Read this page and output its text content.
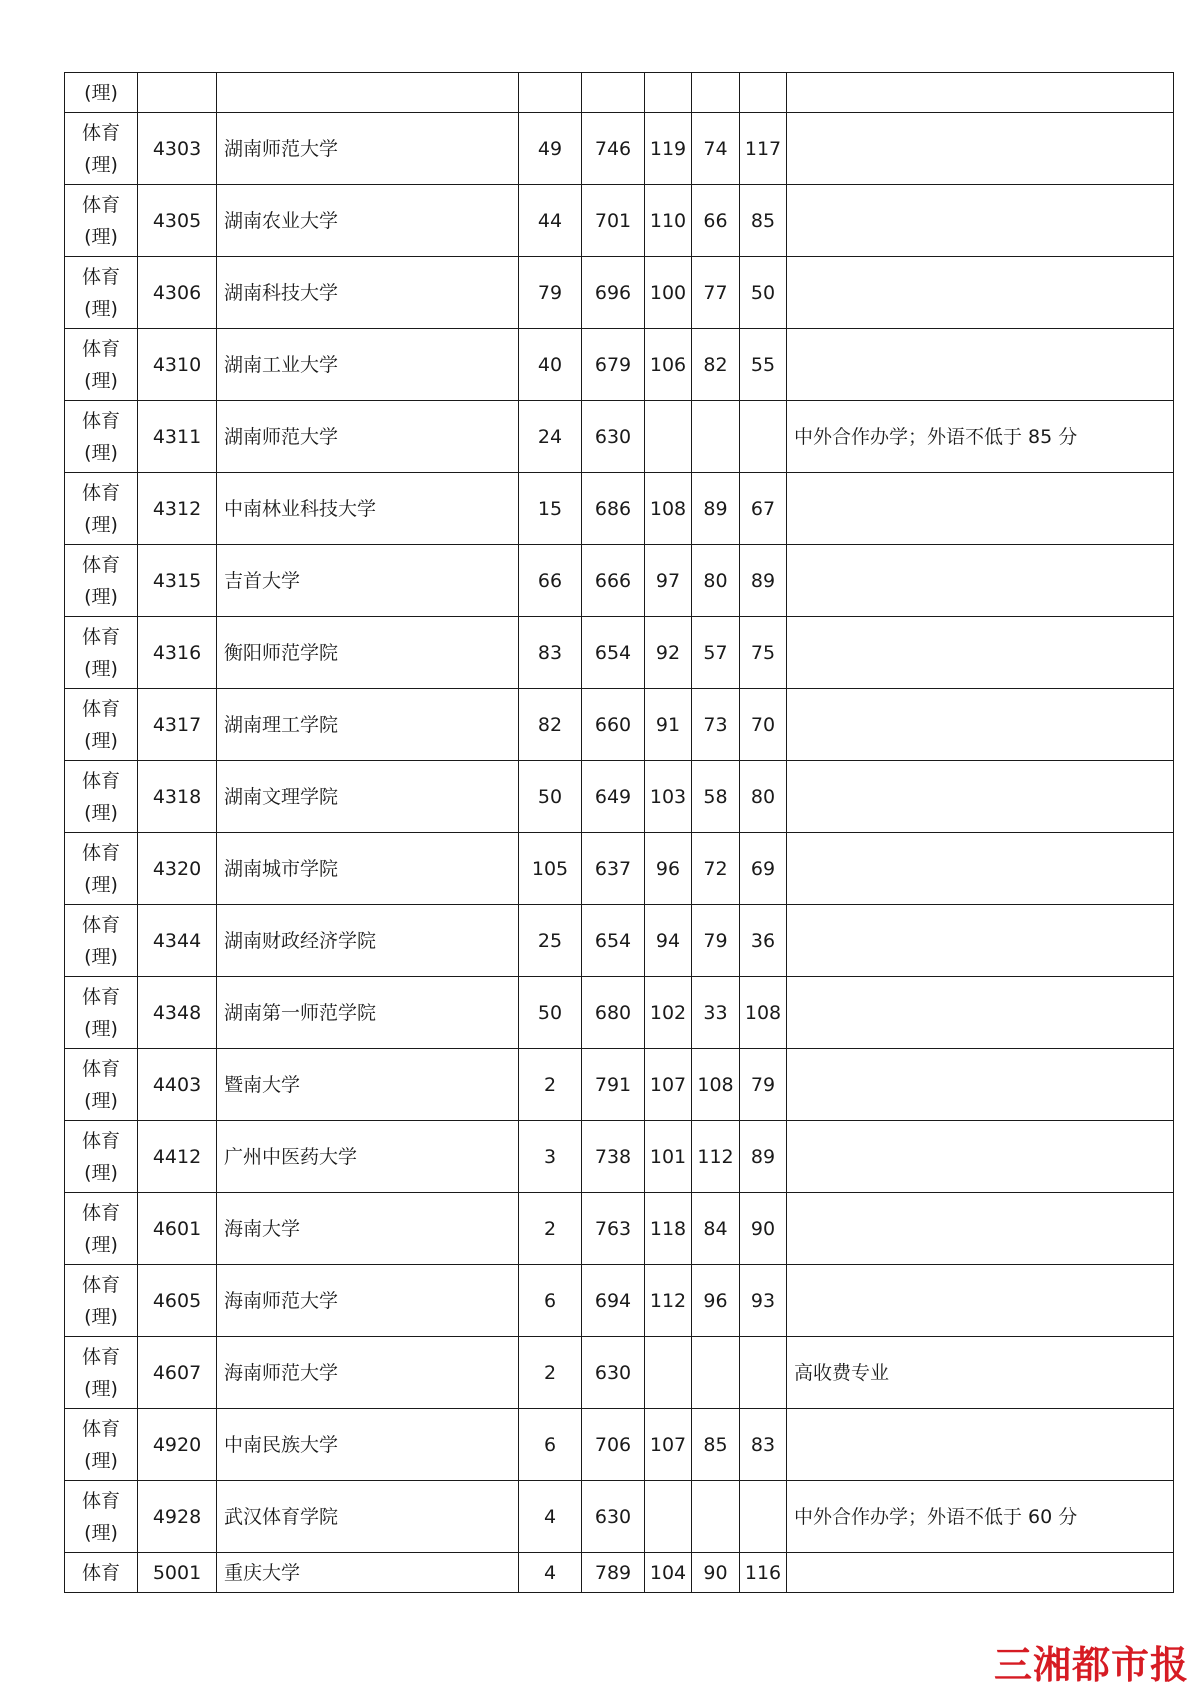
(理)								

体育
(理)	4303	湖南师范大学	49	746	119	74	117	

体育
(理)	4305	湖南农业大学	44	701	110	66	85	

体育
(理)	4306	湖南科技大学	79	696	100	77	50	

体育
(理)	4310	湖南工业大学	40	679	106	82	55	

体育
(理)	4311	湖南师范大学	24	630				中外合作办学；外语不低于 85 分

体育
(理)	4312	中南林业科技大学	15	686	108	89	67	

体育
(理)	4315	吉首大学	66	666	97	80	89	

体育
(理)	4316	衡阳师范学院	83	654	92	57	75	

体育
(理)	4317	湖南理工学院	82	660	91	73	70	

体育
(理)	4318	湖南文理学院	50	649	103	58	80	

体育
(理)	4320	湖南城市学院	105	637	96	72	69	

体育
(理)	4344	湖南财政经济学院	25	654	94	79	36	

体育
(理)	4348	湖南第一师范学院	50	680	102	33	108	

体育
(理)	4403	暨南大学	2	791	107	108	79	

体育
(理)	4412	广州中医药大学	3	738	101	112	89	

体育
(理)	4601	海南大学	2	763	118	84	90	

体育
(理)	4605	海南师范大学	6	694	112	96	93	

体育
(理)	4607	海南师范大学	2	630				高收费专业

体育
(理)	4920	中南民族大学	6	706	107	85	83	

体育
(理)	4928	武汉体育学院	4	630				中外合作办学；外语不低于 60 分

体育	5001	重庆大学	4	789	104	90	116	
三湘都市报
